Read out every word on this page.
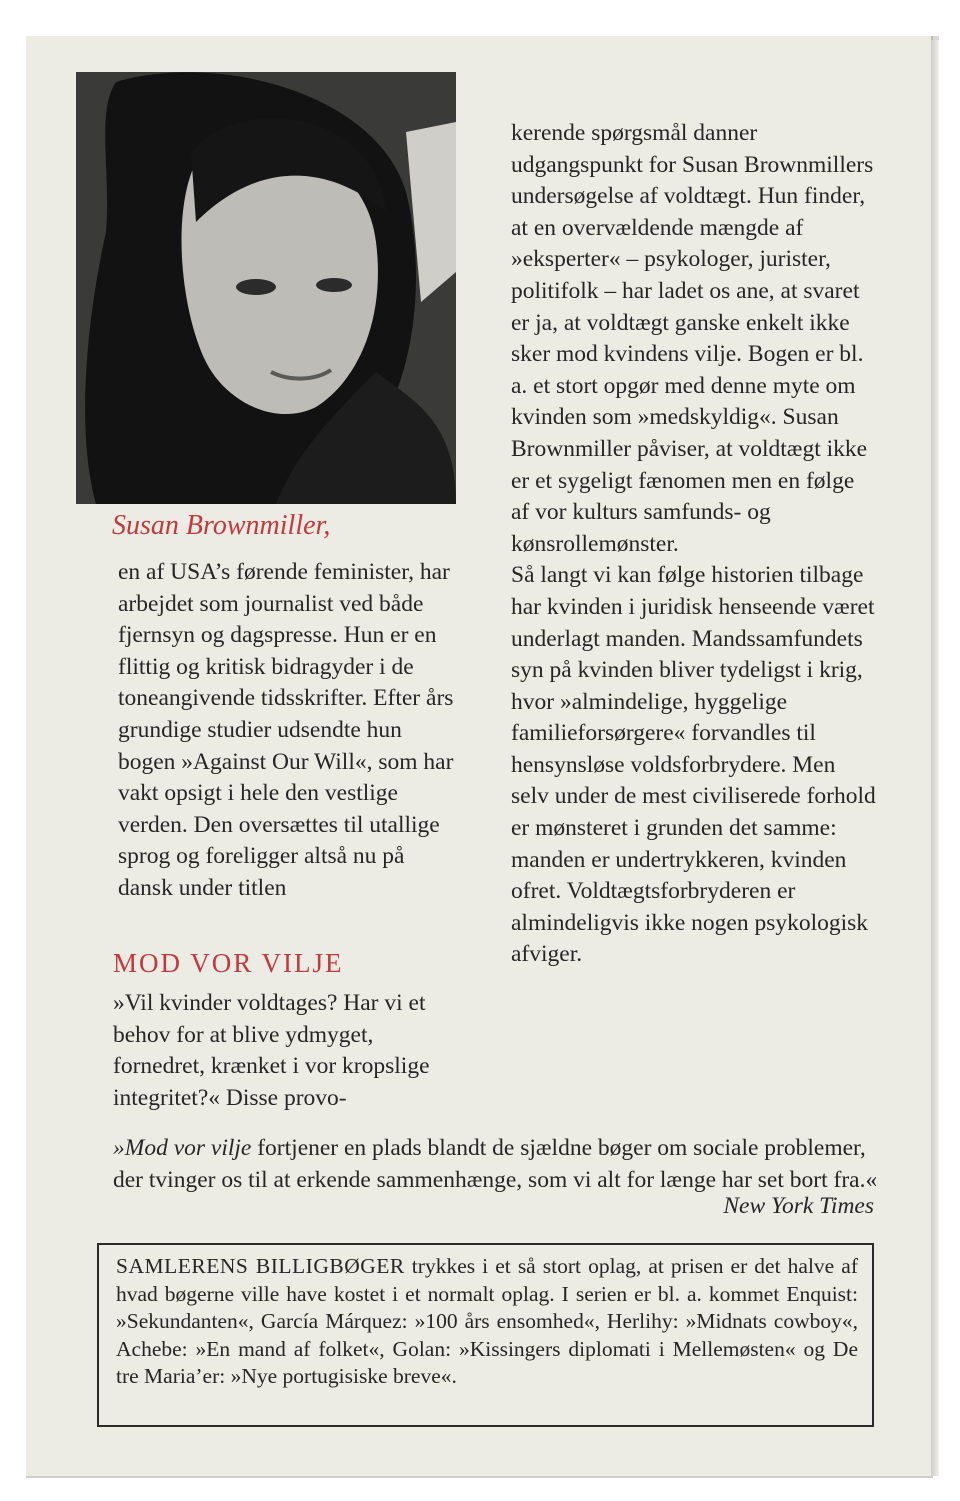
Susan Brownmiller,
en af USA’s førende feminister, har arbejdet som journalist ved både fjernsyn og dagspresse. Hun er en flittig og kritisk bidragyder i de toneangivende tidsskrifter. Efter års grundige studier udsendte hun bogen »Against Our Will«, som har vakt opsigt i hele den vestlige verden. Den oversættes til utallige sprog og foreligger altså nu på dansk under titlen
MOD VOR VILJE
»Vil kvinder voldtages? Har vi et behov for at blive ydmyget, fornedret, krænket i vor kropslige integritet?« Disse provo-

kerende spørgsmål danner udgangspunkt for Susan Brownmillers undersøgelse af voldtægt. Hun finder, at en overvældende mængde af »eksperter« – psykologer, jurister, politifolk – har ladet os ane, at svaret er ja, at voldtægt ganske enkelt ikke sker mod kvindens vilje. Bogen er bl. a. et stort opgør med denne myte om kvinden som »medskyldig«. Susan Brownmiller påviser, at voldtægt ikke er et sygeligt fænomen men en følge af vor kulturs samfunds- og kønsrollemønster.

Så langt vi kan følge historien tilbage har kvinden i juridisk henseende været underlagt manden. Mandssamfundets syn på kvinden bliver tydeligst i krig, hvor »almindelige, hyggelige familieforsørgere« forvandles til hensynsløse voldsforbrydere. Men selv under de mest civiliserede forhold er mønsteret i grunden det samme: manden er undertrykkeren, kvinden ofret. Voldtægtsforbryderen er almindeligvis ikke nogen psykologisk afviger.

»Mod vor vilje fortjener en plads blandt de sjældne bøger om sociale problemer, der tvinger os til at erkende sammenhænge, som vi alt for længe har set bort fra.«
New York Times
SAMLERENS BILLIGBØGER trykkes i et så stort oplag, at prisen er det halve af hvad bøgerne ville have kostet i et normalt oplag. I serien er bl. a. kommet Enquist: »Sekundanten«, García Márquez: »100 års ensomhed«, Herlihy: »Midnats cowboy«, Achebe: »En mand af folket«, Golan: »Kissingers diplomati i Mellemøsten« og De tre Maria’er: »Nye portugisiske breve«.
